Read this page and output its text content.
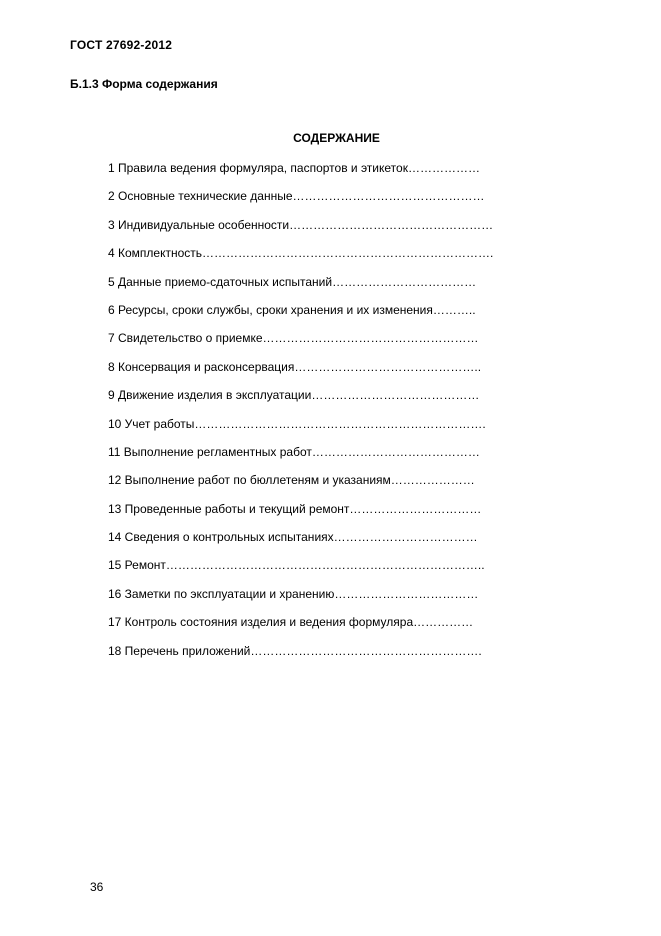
ГОСТ 27692-2012
Б.1.3 Форма содержания
СОДЕРЖАНИЕ
1 Правила ведения формуляра, паспортов и этикеток………………
2 Основные технические данные…………………………………………
3 Индивидуальные особенности……………………………………………
4 Комплектность……………………………………………………………….
5 Данные приемо-сдаточных испытаний………………………………
6 Ресурсы, сроки службы, сроки хранения и их изменения………..
7 Свидетельство о приемке………………………………………………
8 Консервация и расконсервация………………………………………..
9 Движение изделия в эксплуатации……………………………………
10 Учет работы……………………………………………………………….
11 Выполнение регламентных работ……………………………………
12 Выполнение работ по бюллетеням и указаниям…………………
13 Проведенные работы и текущий ремонт……………………………
14 Сведения о контрольных испытаниях………………………………
15 Ремонт……………………………………………………………………..
16 Заметки по эксплуатации и хранению………………………………
17 Контроль состояния изделия и ведения формуляра……………
18 Перечень приложений………………………………………………….
36
